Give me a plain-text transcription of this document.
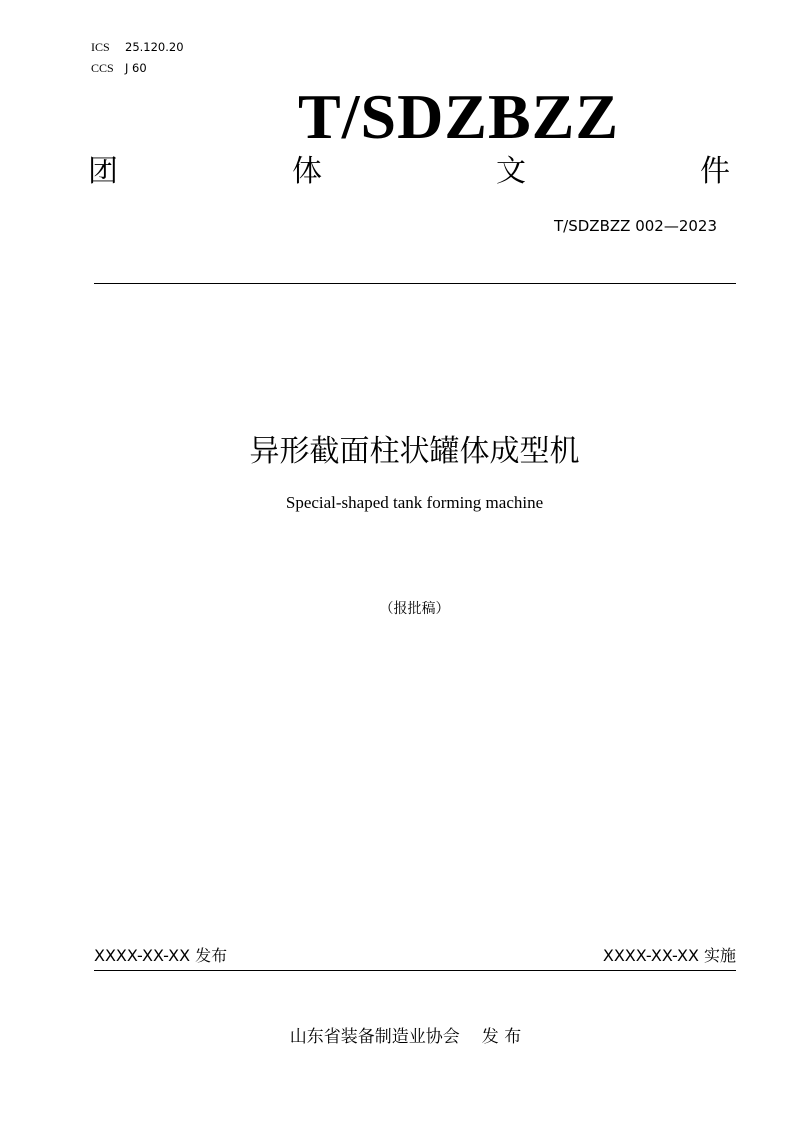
ICS 25.120.20
CCS J 60
T/SDZBZZ
团	体	文	件
T/SDZBZZ 002—2023
异形截面柱状罐体成型机
Special-shaped tank forming machine
（报批稿）
XXXX-XX-XX 发布	XXXX-XX-XX 实施
山东省装备制造业协会 发 布
